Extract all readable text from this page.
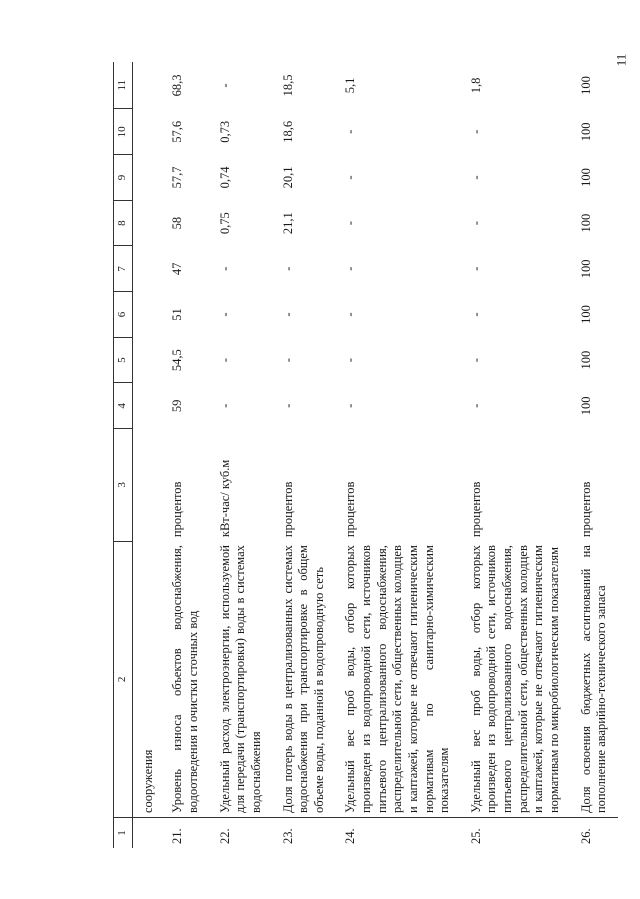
11
1	2	3	4	5	6	7	8	9	10	11
	сооружения									
21.	Уровень износа объектов водоснабжения, водоотведения и очистки сточных вод	процентов	59	54,5	51	47	58	57,7	57,6	68,3
22.	Удельный расход электроэнергии, используемой для передачи (транспортировки) воды в системах водоснабжения	кВт-час/ куб.м	-	-	-	-	0,75	0,74	0,73	-
23.	Доля потерь воды в централизованных системах водоснабжения при транспортировке в общем объеме воды, поданной в водопроводную сеть	процентов	-	-	-	-	21,1	20,1	18,6	18,5
24.	Удельный вес проб воды, отбор которых произведен из водопроводной сети, источников питьевого централизованного водоснабжения, распределительной сети, общественных колодцев и каптажей, которые не отвечают гигиеническим нормативам по санитарно-химическим показателям	процентов	-	-	-	-	-	-	-	5,1
25.	Удельный вес проб воды, отбор которых произведен из водопроводной сети, источников питьевого централизованного водоснабжения, распределительной сети, общественных колодцев и каптажей, которые не отвечают гигиеническим нормативам по микробиологическим показателям	процентов	-	-	-	-	-	-	-	1,8
26.	Доля освоения бюджетных ассигнований на пополнение аварийно-технического запаса	процентов	100	100	100	100	100	100	100	100
